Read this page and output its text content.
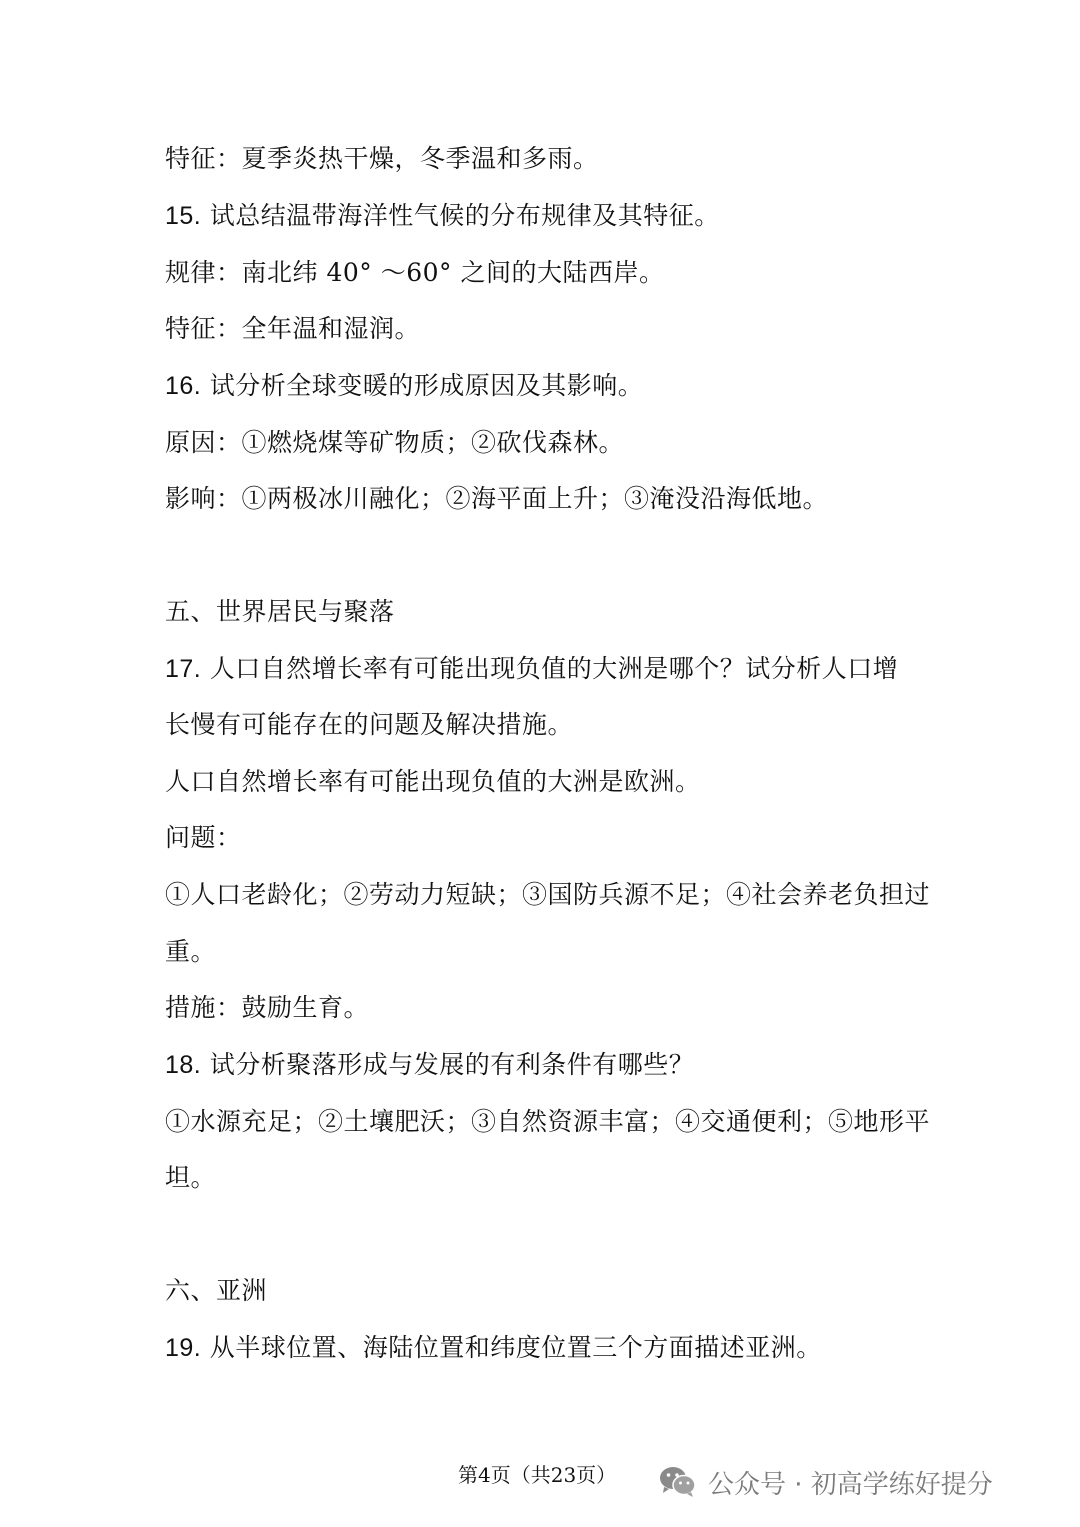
特征：夏季炎热干燥，冬季温和多雨。
15. 试总结温带海洋性气候的分布规律及其特征。
规律：南北纬 40° ～60° 之间的大陆西岸。
特征：全年温和湿润。
16. 试分析全球变暖的形成原因及其影响。
原因：①燃烧煤等矿物质；②砍伐森林。
影响：①两极冰川融化；②海平面上升；③淹没沿海低地。
五、世界居民与聚落
17. 人口自然增长率有可能出现负值的大洲是哪个？试分析人口增
长慢有可能存在的问题及解决措施。
人口自然增长率有可能出现负值的大洲是欧洲。
问题：
①人口老龄化；②劳动力短缺；③国防兵源不足；④社会养老负担过
重。
措施：鼓励生育。
18. 试分析聚落形成与发展的有利条件有哪些？
①水源充足；②土壤肥沃；③自然资源丰富；④交通便利；⑤地形平
坦。
六、亚洲
19. 从半球位置、海陆位置和纬度位置三个方面描述亚洲。
第4页（共23页）	公众号 · 初高学练好提分
